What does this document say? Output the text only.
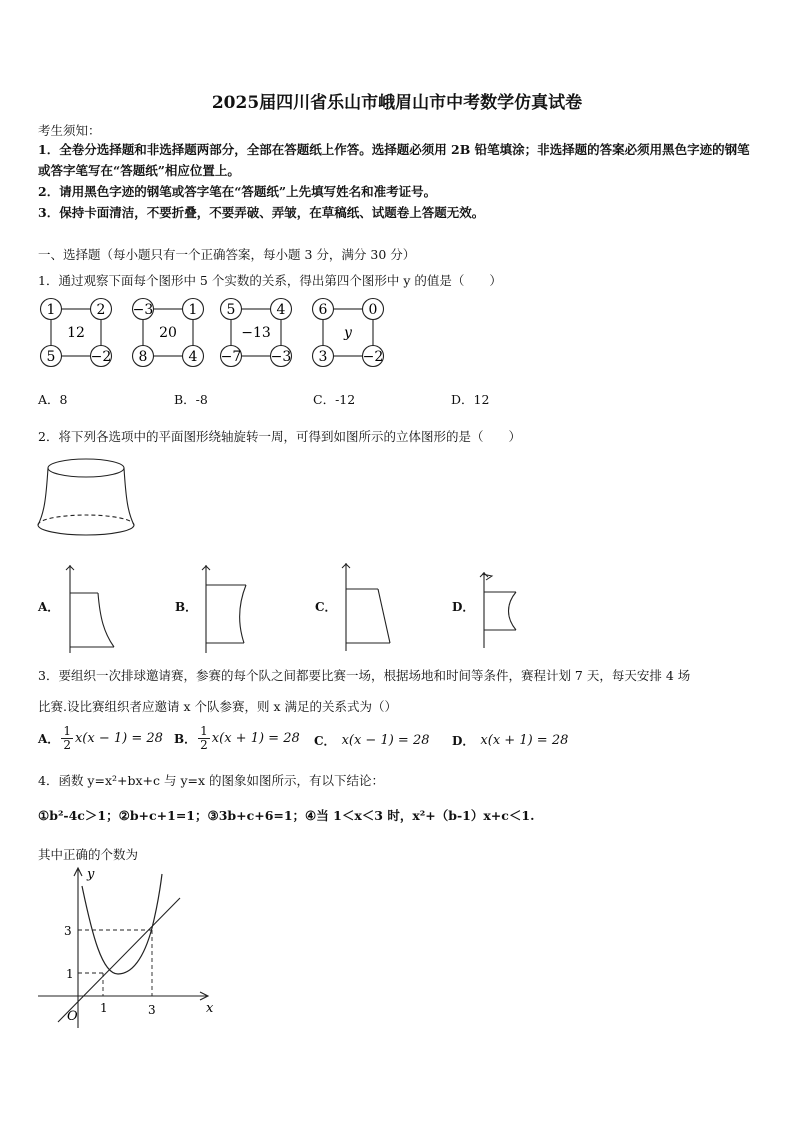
2025届四川省乐山市峨眉山市中考数学仿真试卷
考生须知：
1．全卷分选择题和非选择题两部分，全部在答题纸上作答。选择题必须用 2B 铅笔填涂；非选择题的答案必须用黑色字迹的钢笔或答字笔写在“答题纸”相应位置上。
2．请用黑色字迹的钢笔或答字笔在“答题纸”上先填写姓名和准考证号。
3．保持卡面清洁，不要折叠，不要弄破、弄皱，在草稿纸、试题卷上答题无效。
一、选择题（每小题只有一个正确答案，每小题 3 分，满分 30 分）
1．通过观察下面每个图形中 5 个实数的关系，得出第四个图形中 y 的值是（　　）
1	2
5	−2
12
−3	1
8	4
20
5	4
−7 −3
−13
6	0
3	−2
y
A．8	B．-8	C．-12	D．12
2．将下列各选项中的平面图形绕轴旋转一周，可得到如图所示的立体图形的是（　　）
A．	B．	C．	D．
3．要组织一次排球邀请赛，参赛的每个队之间都要比赛一场，根据场地和时间等条件，赛程计划 7 天，每天安排 4 场
比赛.设比赛组织者应邀请 x 个队参赛，则 x 满足的关系式为（）
A． $\frac{1}{2} x(x - 1) = 28$ B． $\frac{1}{2} x(x + 1) = 28$ C． x(x − 1) = 28 D． x(x + 1) = 28
4．函数 y=x²+bx+c 与 y=x 的图象如图所示，有以下结论：
①b²-4c＞1；②b+c+1=1；③3b+c+6=1；④当 1＜x＜3 时，x²+（b-1）x+c＜1.
其中正确的个数为
y
x
O
3
1
1	3
